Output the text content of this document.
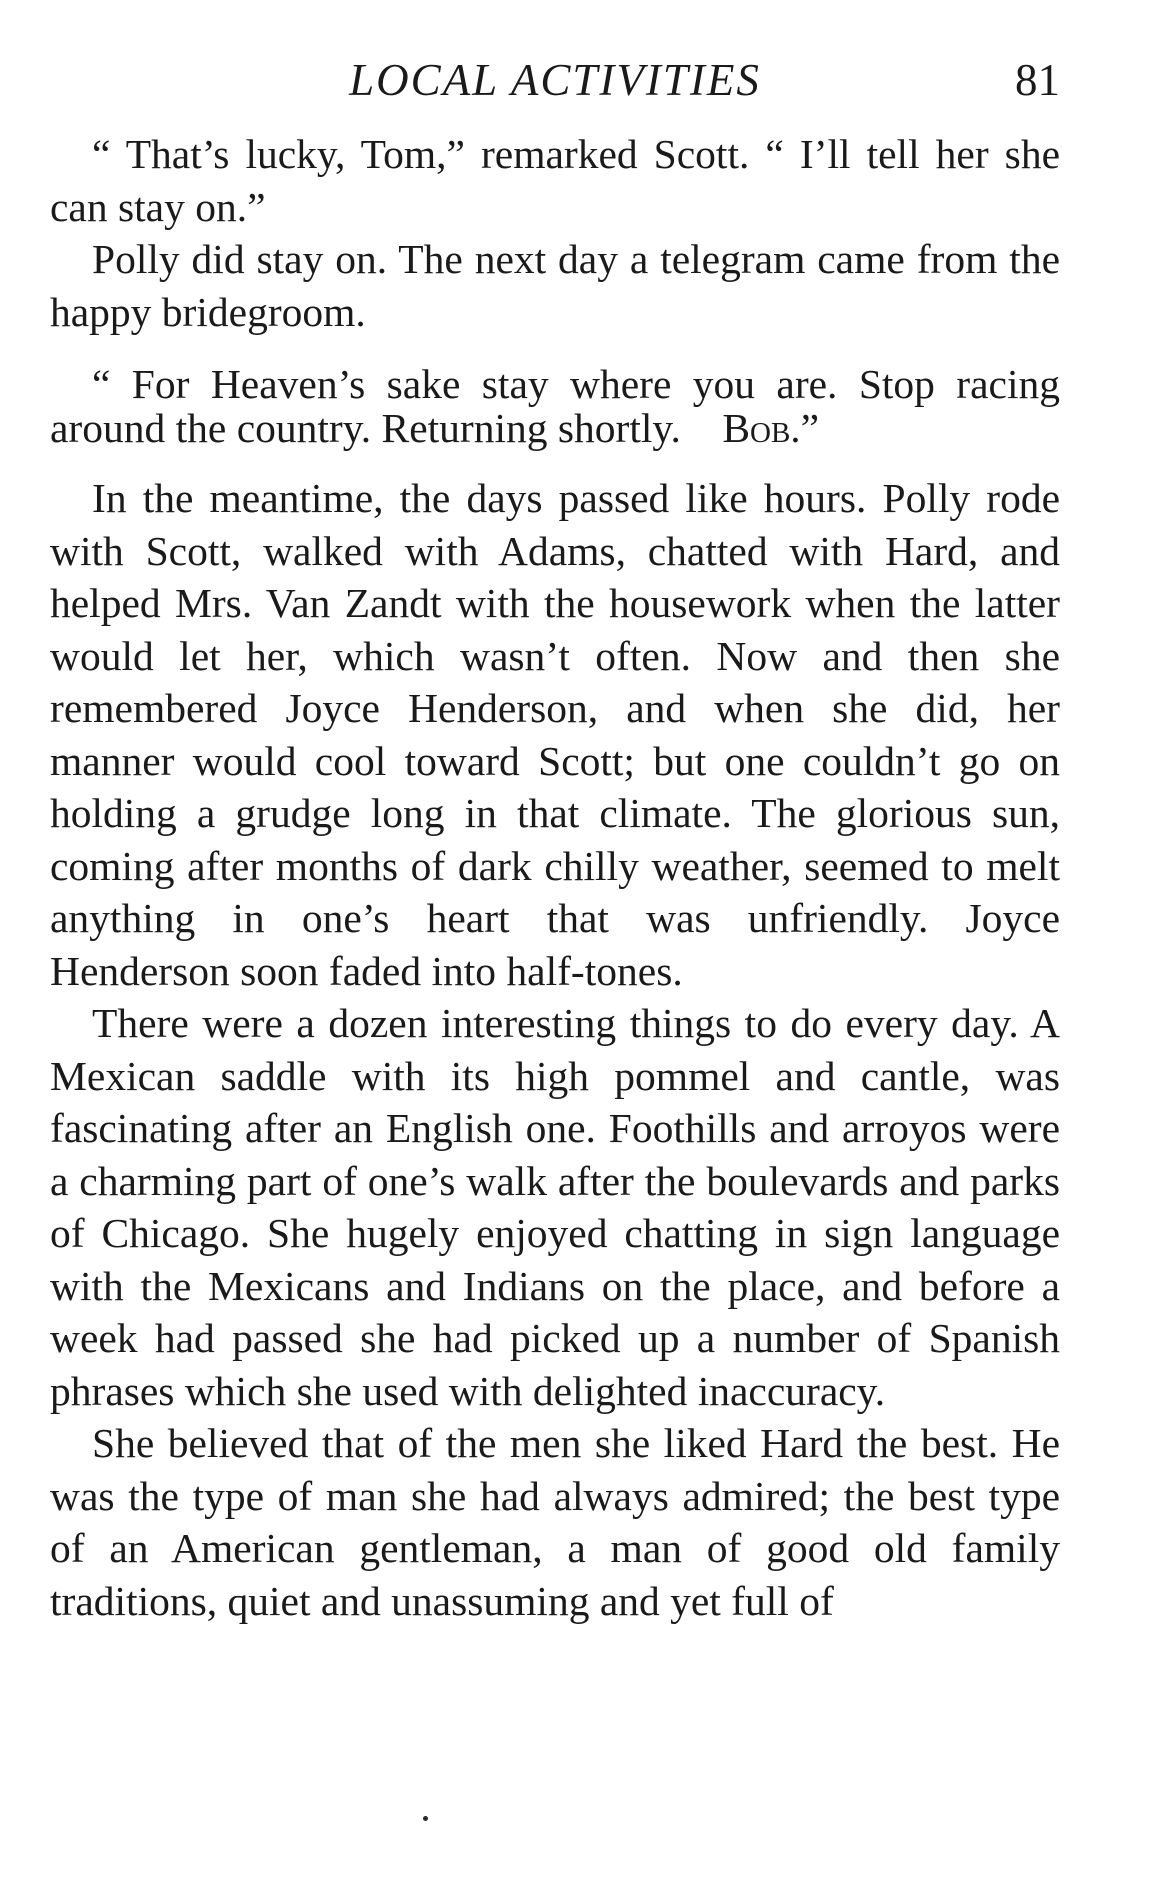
LOCAL ACTIVITIES	81

“ That’s lucky, Tom,” remarked Scott. “ I’ll tell her she can stay on.”

Polly did stay on. The next day a telegram came from the happy bridegroom.

“ For Heaven’s sake stay where you are. Stop racing around the country. Returning shortly. Bob.”

In the meantime, the days passed like hours. Polly rode with Scott, walked with Adams, chatted with Hard, and helped Mrs. Van Zandt with the housework when the latter would let her, which wasn’t often. Now and then she remembered Joyce Henderson, and when she did, her manner would cool toward Scott; but one couldn’t go on holding a grudge long in that climate. The glorious sun, coming after months of dark chilly weather, seemed to melt anything in one’s heart that was unfriendly. Joyce Henderson soon faded into half-tones.

There were a dozen interesting things to do every day. A Mexican saddle with its high pommel and cantle, was fascinating after an English one. Foothills and arroyos were a charming part of one’s walk after the boulevards and parks of Chicago. She hugely enjoyed chatting in sign language with the Mexicans and Indians on the place, and before a week had passed she had picked up a number of Spanish phrases which she used with delighted inaccuracy.

She believed that of the men she liked Hard the best. He was the type of man she had always admired; the best type of an American gentleman, a man of good old family traditions, quiet and unassuming and yet full of
